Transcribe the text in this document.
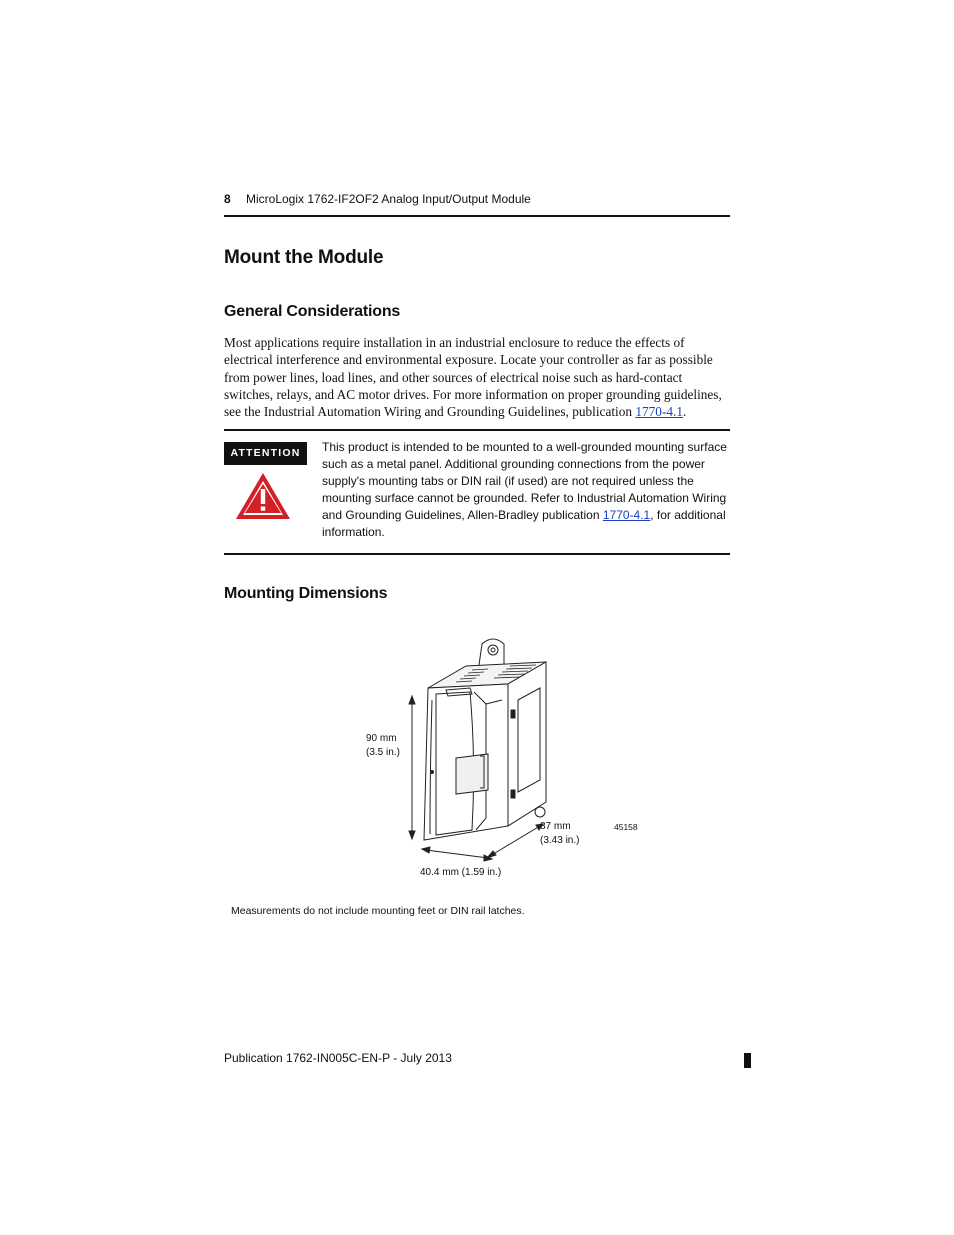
8 MicroLogix 1762-IF2OF2 Analog Input/Output Module
Mount the Module
General Considerations
Most applications require installation in an industrial enclosure to reduce the effects of electrical interference and environmental exposure. Locate your controller as far as possible from power lines, load lines, and other sources of electrical noise such as hard-contact switches, relays, and AC motor drives. For more information on proper grounding guidelines, see the Industrial Automation Wiring and Grounding Guidelines, publication 1770-4.1.
ATTENTION	This product is intended to be mounted to a well-grounded mounting surface such as a metal panel. Additional grounding connections from the power supply's mounting tabs or DIN rail (if used) are not required unless the mounting surface cannot be grounded. Refer to Industrial Automation Wiring and Grounding Guidelines, Allen-Bradley publication 1770-4.1, for additional information.
Mounting Dimensions
90 mm
(3.5 in.)
87 mm
(3.43 in.)
45158
40.4 mm (1.59 in.)
Measurements do not include mounting feet or DIN rail latches.
Publication 1762-IN005C-EN-P - July 2013
